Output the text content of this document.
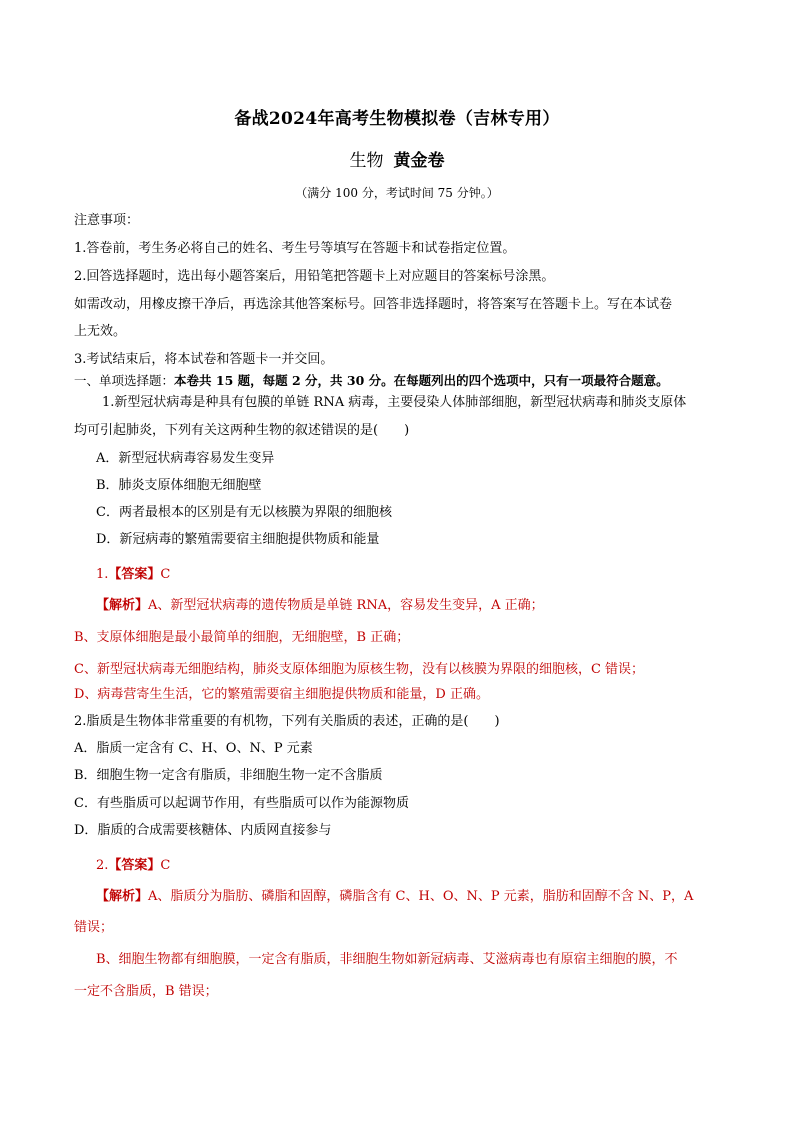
备战2024年高考生物模拟卷（吉林专用）
生物 黄金卷
（满分 100 分，考试时间 75 分钟。）
注意事项：
1.答卷前，考生务必将自己的姓名、考生号等填写在答题卡和试卷指定位置。
2.回答选择题时，选出每小题答案后，用铅笔把答题卡上对应题目的答案标号涂黑。
如需改动，用橡皮擦干净后，再选涂其他答案标号。回答非选择题时，将答案写在答题卡上。写在本试卷
上无效。
3.考试结束后，将本试卷和答题卡一并交回。
一、单项选择题：本卷共 15 题，每题 2 分，共 30 分。在每题列出的四个选项中，只有一项最符合题意。
1.新型冠状病毒是种具有包膜的单链 RNA 病毒，主要侵染人体肺部细胞，新型冠状病毒和肺炎支原体
均可引起肺炎，下列有关这两种生物的叙述错误的是(　　)
A．新型冠状病毒容易发生变异
B．肺炎支原体细胞无细胞壁
C．两者最根本的区别是有无以核膜为界限的细胞核
D．新冠病毒的繁殖需要宿主细胞提供物质和能量
1.【答案】C
【解析】A、新型冠状病毒的遗传物质是单链 RNA，容易发生变异，A 正确；
B、支原体细胞是最小最简单的细胞，无细胞壁，B 正确；
C、新型冠状病毒无细胞结构，肺炎支原体细胞为原核生物，没有以核膜为界限的细胞核，C 错误；
D、病毒营寄生生活，它的繁殖需要宿主细胞提供物质和能量，D 正确。
2.脂质是生物体非常重要的有机物，下列有关脂质的表述，正确的是(　　)
A．脂质一定含有 C、H、O、N、P 元素
B．细胞生物一定含有脂质，非细胞生物一定不含脂质
C．有些脂质可以起调节作用，有些脂质可以作为能源物质
D．脂质的合成需要核糖体、内质网直接参与
2.【答案】C
【解析】A、脂质分为脂肪、磷脂和固醇，磷脂含有 C、H、O、N、P 元素，脂肪和固醇不含 N、P，A
错误；
B、细胞生物都有细胞膜，一定含有脂质，非细胞生物如新冠病毒、艾滋病毒也有原宿主细胞的膜，不
一定不含脂质，B 错误；
